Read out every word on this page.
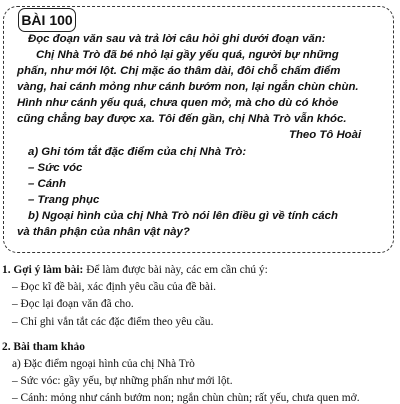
BÀI 100
Đọc đoạn văn sau và trả lời câu hỏi ghi dưới đoạn văn:
Chị Nhà Trò đã bé nhỏ lại gầy yếu quá, người bự những
phấn, như mới lột. Chị mặc áo thâm dài, đôi chỗ chấm điểm
vàng, hai cánh mỏng như cánh bướm non, lại ngắn chùn chùn.
Hình như cánh yếu quá, chưa quen mở, mà cho dù có khỏe
cũng chẳng bay được xa. Tôi đến gần, chị Nhà Trò vẫn khóc.
Theo Tô Hoài
a) Ghi tóm tắt đặc điểm của chị Nhà Trò:
– Sức vóc
– Cánh
– Trang phục
b) Ngoại hình của chị Nhà Trò nói lên điều gì về tính cách
và thân phận của nhân vật này?
1. Gợi ý làm bài: Để làm được bài này, các em cần chú ý:
– Đọc kĩ đề bài, xác định yêu cầu của đề bài.
– Đọc lại đoạn văn đã cho.
– Chỉ ghi vắn tắt các đặc điểm theo yêu cầu.
2. Bài tham khảo
a) Đặc điểm ngoại hình của chị Nhà Trò
– Sức vóc: gầy yếu, bự những phấn như mới lột.
– Cánh: mỏng như cánh bướm non; ngắn chùn chùn; rất yếu, chưa quen mở.
